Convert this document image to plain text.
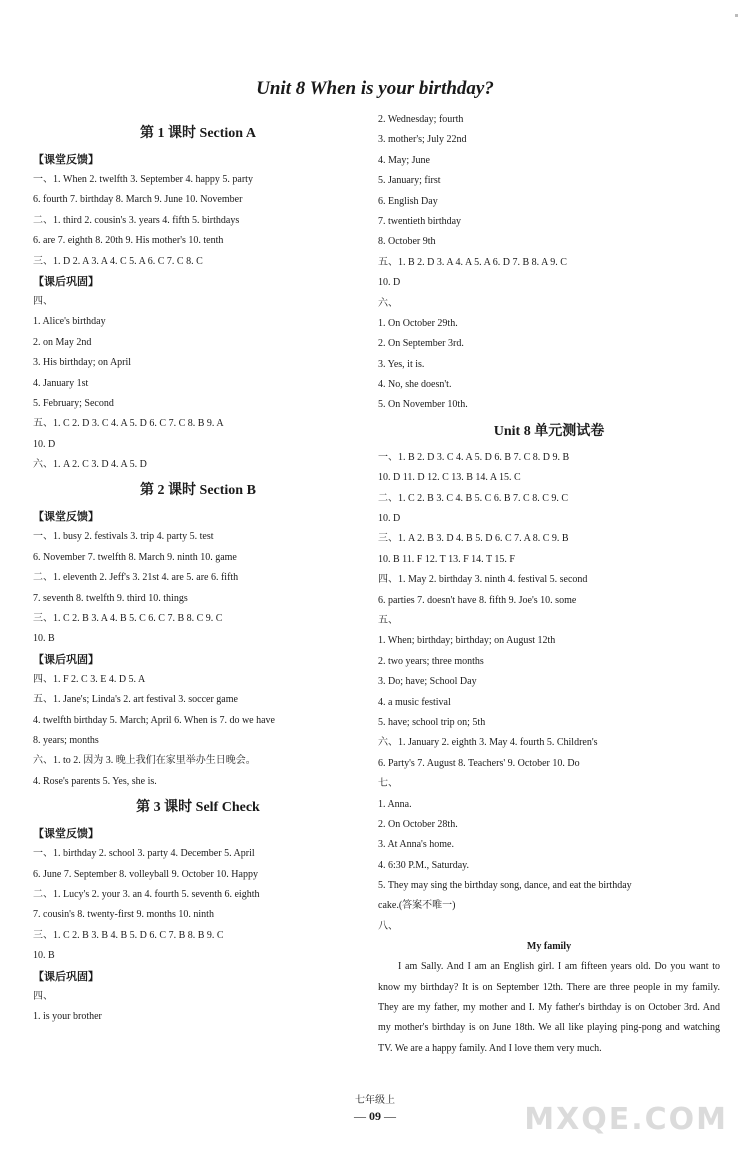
Unit 8 When is your birthday?
第 1 课时 Section A
【课堂反馈】
一、1. When 2. twelfth 3. September 4. happy 5. party
6. fourth 7. birthday 8. March 9. June 10. November
二、1. third 2. cousin's 3. years 4. fifth 5. birthdays
6. are 7. eighth 8. 20th 9. His mother's 10. tenth
三、1. D 2. A 3. A 4. C 5. A 6. C 7. C 8. C
【课后巩固】
四、
1. Alice's birthday
2. on May 2nd
3. His birthday; on April
4. January 1st
5. February; Second
五、1. C 2. D 3. C 4. A 5. D 6. C 7. C 8. B 9. A
10. D
六、1. A 2. C 3. D 4. A 5. D
第 2 课时 Section B
【课堂反馈】
一、1. busy 2. festivals 3. trip 4. party 5. test
6. November 7. twelfth 8. March 9. ninth 10. game
二、1. eleventh 2. Jeff's 3. 21st 4. are 5. are 6. fifth
7. seventh 8. twelfth 9. third 10. things
三、1. C 2. B 3. A 4. B 5. C 6. C 7. B 8. C 9. C
10. B
【课后巩固】
四、1. F 2. C 3. E 4. D 5. A
五、1. Jane's; Linda's 2. art festival 3. soccer game
4. twelfth birthday 5. March; April 6. When is 7. do we have
8. years; months
六、1. to 2. 因为 3. 晚上我们在家里举办生日晚会。
4. Rose's parents 5. Yes, she is.
第 3 课时 Self Check
【课堂反馈】
一、1. birthday 2. school 3. party 4. December 5. April
6. June 7. September 8. volleyball 9. October 10. Happy
二、1. Lucy's 2. your 3. an 4. fourth 5. seventh 6. eighth
7. cousin's 8. twenty-first 9. months 10. ninth
三、1. C 2. B 3. B 4. B 5. D 6. C 7. B 8. B 9. C
10. B
【课后巩固】
四、
1. is your brother
2. Wednesday; fourth
3. mother's; July 22nd
4. May; June
5. January; first
6. English Day
7. twentieth birthday
8. October 9th
五、1. B 2. D 3. A 4. A 5. A 6. D 7. B 8. A 9. C
10. D
六、
1. On October 29th.
2. On September 3rd.
3. Yes, it is.
4. No, she doesn't.
5. On November 10th.
Unit 8 单元测试卷
一、1. B 2. D 3. C 4. A 5. D 6. B 7. C 8. D 9. B
10. D 11. D 12. C 13. B 14. A 15. C
二、1. C 2. B 3. C 4. B 5. C 6. B 7. C 8. C 9. C
10. D
三、1. A 2. B 3. D 4. B 5. D 6. C 7. A 8. C 9. B
10. B 11. F 12. T 13. F 14. T 15. F
四、1. May 2. birthday 3. ninth 4. festival 5. second
6. parties 7. doesn't have 8. fifth 9. Joe's 10. some
五、
1. When; birthday; birthday; on August 12th
2. two years; three months
3. Do; have; School Day
4. a music festival
5. have; school trip on; 5th
六、1. January 2. eighth 3. May 4. fourth 5. Children's
6. Party's 7. August 8. Teachers' 9. October 10. Do
七、
1. Anna.
2. On October 28th.
3. At Anna's home.
4. 6:30 P.M., Saturday.
5. They may sing the birthday song, dance, and eat the birthday
cake.(答案不唯一)
八、
My family
I am Sally. And I am an English girl. I am fifteen years old. Do you want to know my birthday? It is on September 12th. There are three people in my family. They are my father, my mother and I. My father's birthday is on October 3rd. And my mother's birthday is on June 18th. We all like playing ping-pong and watching TV. We are a happy family. And I love them very much.
七年级上
— 09 —	MXQE.COM
